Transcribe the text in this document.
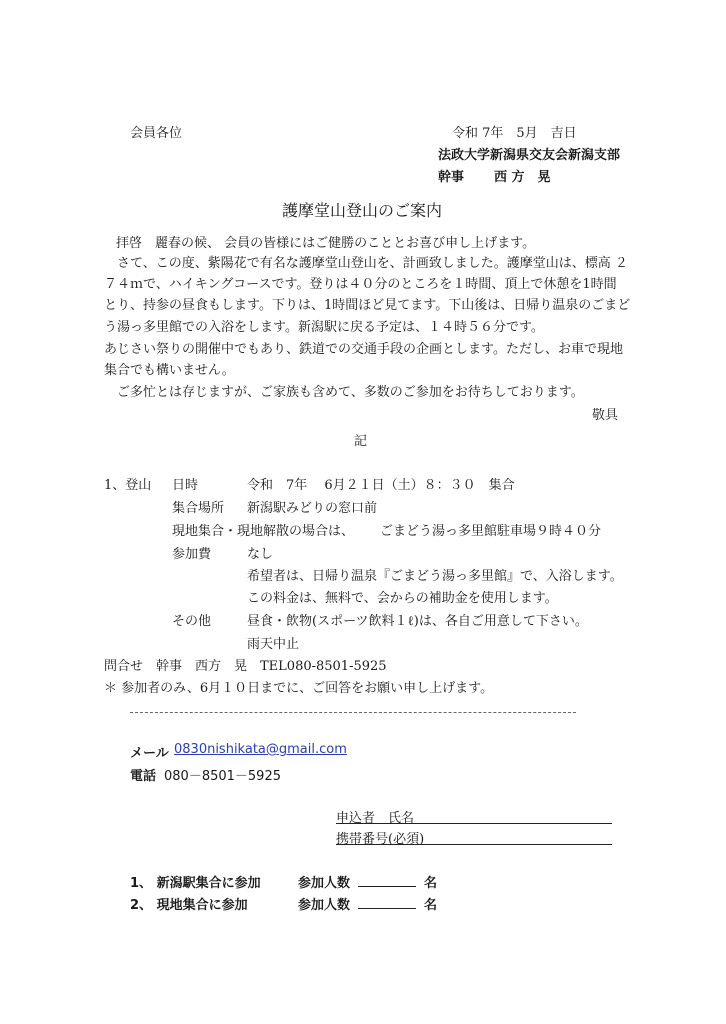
会員各位	令和 7年　5月　吉日
法政大学新潟県交友会新潟支部
幹事 西 方　晃
護摩堂山登山のご案内
拝啓　麗春の候、 会員の皆様にはご健勝のこととお喜び申し上げます。
　さて、この度、紫陽花で有名な護摩堂山登山を、計画致しました。護摩堂山は、標高 ２
７４ｍで、ハイキングコースです。登りは４０分のところを１時間、頂上で休憩を1時間
とり、持参の昼食もします。下りは、1時間ほど見てます。下山後は、日帰り温泉のごまど
う湯っ多里館での入浴をします。新潟駅に戻る予定は、１４時５６分です。
あじさい祭りの開催中でもあり、鉄道での交通手段の企画とします。ただし、お車で現地
集合でも構いません。
　ご多忙とは存じますが、ご家族も含めて、多数のご参加をお待ちしております。
敬具
記
1、登山 日時	令和　7年　 6月２１日（土）８：３０　集合
集合場所 新潟駅みどりの窓口前
現地集合・現地解散の場合は、 ごまどう湯っ多里館駐車場９時４０分
参加費	なし
希望者は、日帰り温泉『ごまどう湯っ多里館』で、入浴します。
この料金は、無料で、会からの補助金を使用します。
その他	昼食・飲物(スポーツ飲料１ℓ)は、各自ご用意して下さい。
雨天中止
問合せ　幹事　西方　晃　TEL080-8501-5925
＊ 参加者のみ、6月１０日までに、ご回答をお願い申し上げます。
メール 0830nishikata@gmail.com
電話 080－8501－5925
申込者　氏名
携帯番号(必須)
1、 新潟駅集合に参加	参加人数	名
2、 現地集合に参加	参加人数	名
